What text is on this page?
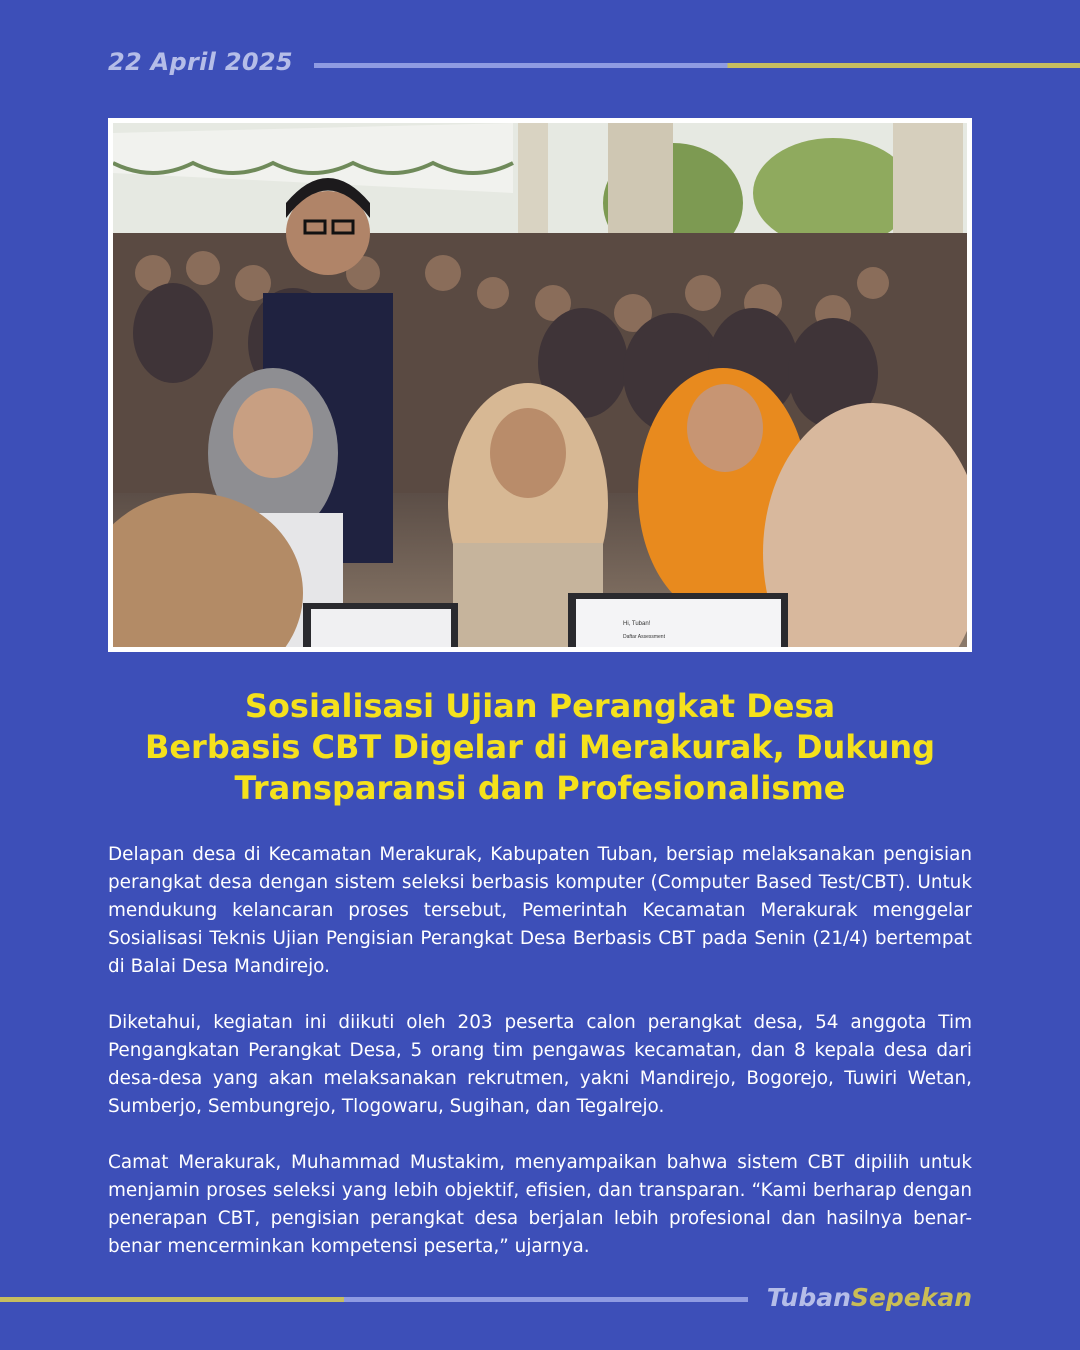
22 April 2025
Hi, Tuban!
Daftar Assessment
Sosialisasi Ujian Perangkat Desa
Berbasis CBT Digelar di Merakurak, Dukung
Transparansi dan Profesionalisme

Delapan desa di Kecamatan Merakurak, Kabupaten Tuban, bersiap melaksanakan pengisian perangkat desa dengan sistem seleksi berbasis komputer (Computer Based Test/CBT). Untuk mendukung kelancaran proses tersebut, Pemerintah Kecamatan Merakurak menggelar Sosialisasi Teknis Ujian Pengisian Perangkat Desa Berbasis CBT pada Senin (21/4) bertempat di Balai Desa Mandirejo.

Diketahui, kegiatan ini diikuti oleh 203 peserta calon perangkat desa, 54 anggota Tim Pengangkatan Perangkat Desa, 5 orang tim pengawas kecamatan, dan 8 kepala desa dari desa-desa yang akan melaksanakan rekrutmen, yakni Mandirejo, Bogorejo, Tuwiri Wetan, Sumberjo, Sembungrejo, Tlogowaru, Sugihan, dan Tegalrejo.

Camat Merakurak, Muhammad Mustakim, menyampaikan bahwa sistem CBT dipilih untuk menjamin proses seleksi yang lebih objektif, efisien, dan transparan. “Kami berharap dengan penerapan CBT, pengisian perangkat desa berjalan lebih profesional dan hasilnya benar-benar mencerminkan kompetensi peserta,” ujarnya.

TubanSepekan
